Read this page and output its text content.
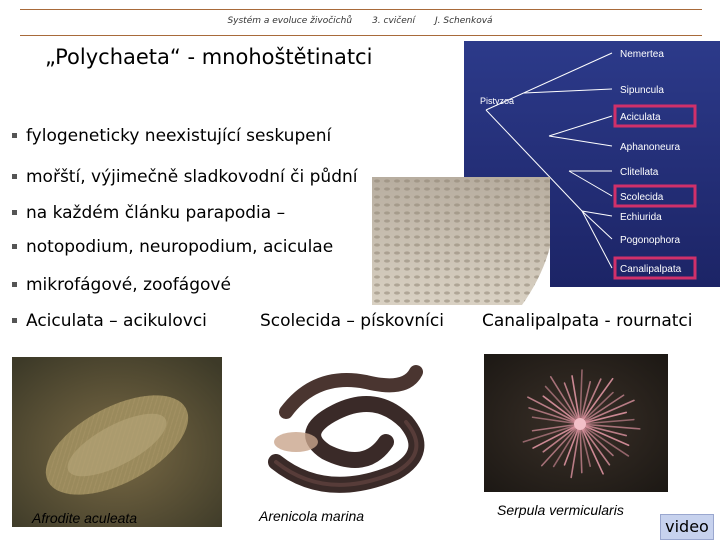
Systém a evoluce živočichů 3. cvičení J. Schenková
„Polychaeta“ - mnohoštětinatci
Pistyzoa
Nemertea
Sipuncula
Aciculata
Aphanoneura
Clitellata
Scolecida
Echiurida
Pogonophora
Canalipalpata
fylogeneticky neexistující seskupení
mořští, výjimečně sladkovodní či půdní
na každém článku parapodia –
notopodium, neuropodium, aciculae
mikrofágové, zoofágové
Aciculata – acikulovci	Scolecida – pískovníci Canalipalpata - rournatci
Afrodite aculeata	Arenicola marina	Serpula vermicularis
video
